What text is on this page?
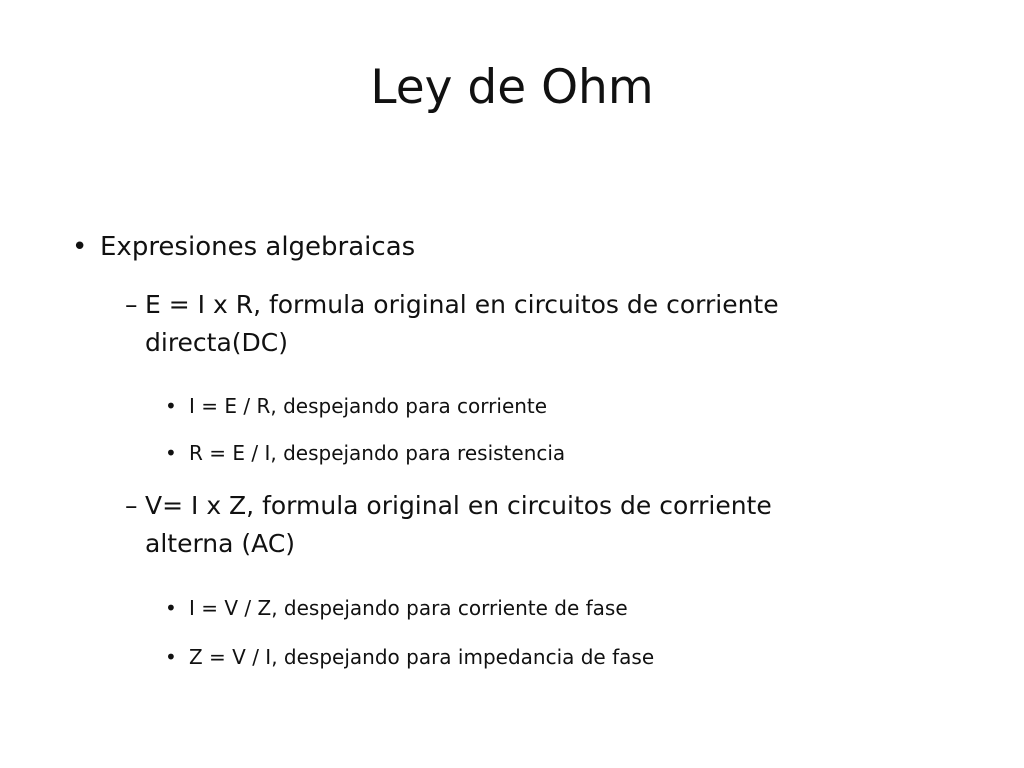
Ley de Ohm
• Expresiones algebraicas
– E = I x R, formula original en circuitos de corriente
directa(DC)
• I = E / R, despejando para corriente
• R = E / I, despejando para resistencia
– V= I x Z, formula original en circuitos de corriente
alterna (AC)
• I = V / Z, despejando para corriente de fase
• Z = V / I, despejando para impedancia de fase
